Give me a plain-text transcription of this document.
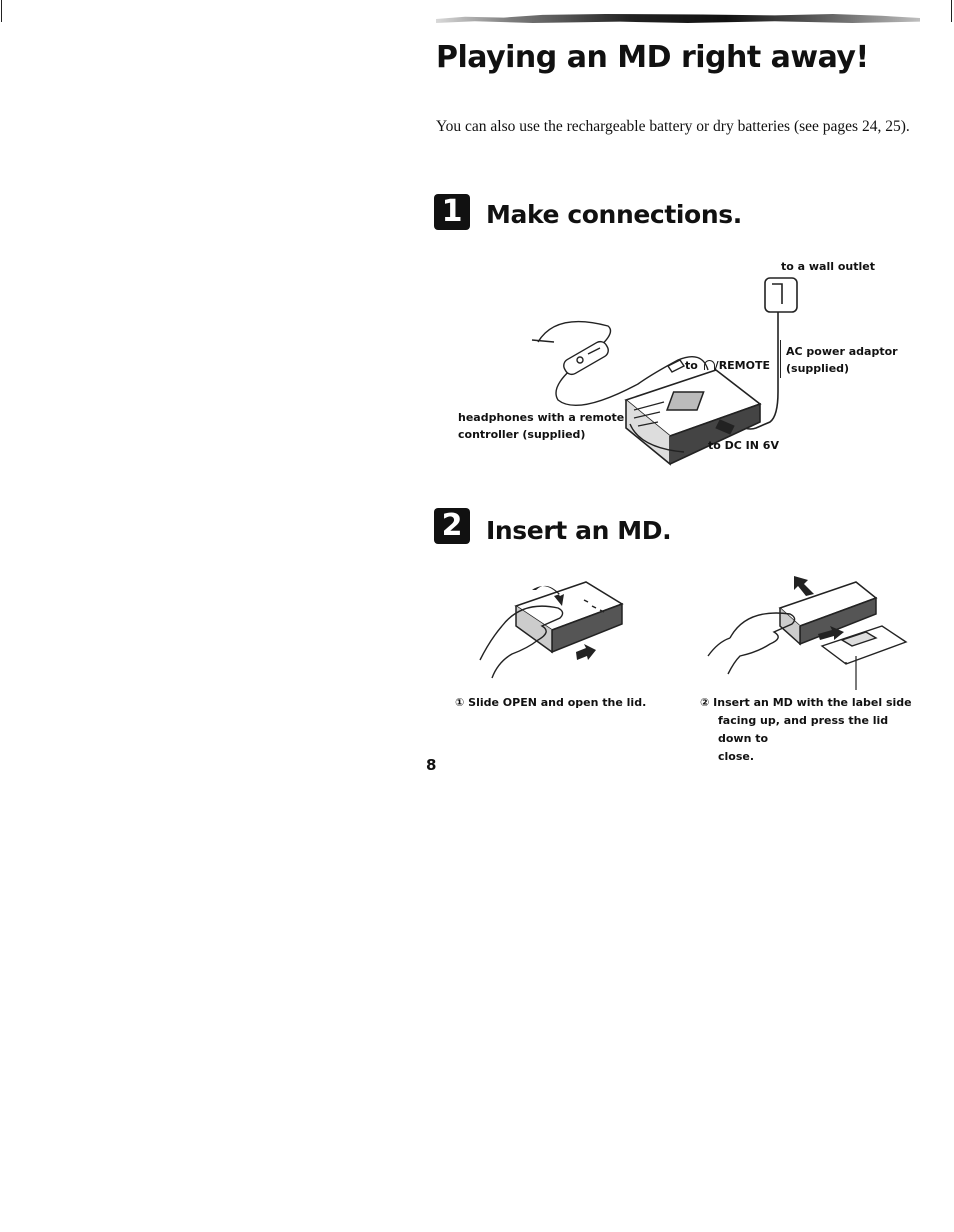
Playing an MD right away!

You can also use the rechargeable battery or dry batteries (see pages 24, 25).

1 Make connections.
to a wall outlet
AC power adaptor
(supplied)
to /REMOTE
headphones with a remote
controller (supplied)
to DC IN 6V
2 Insert an MD.

① Slide OPEN and open the lid.	② Insert an MD with the label side
facing up, and press the lid down to
close.

8
